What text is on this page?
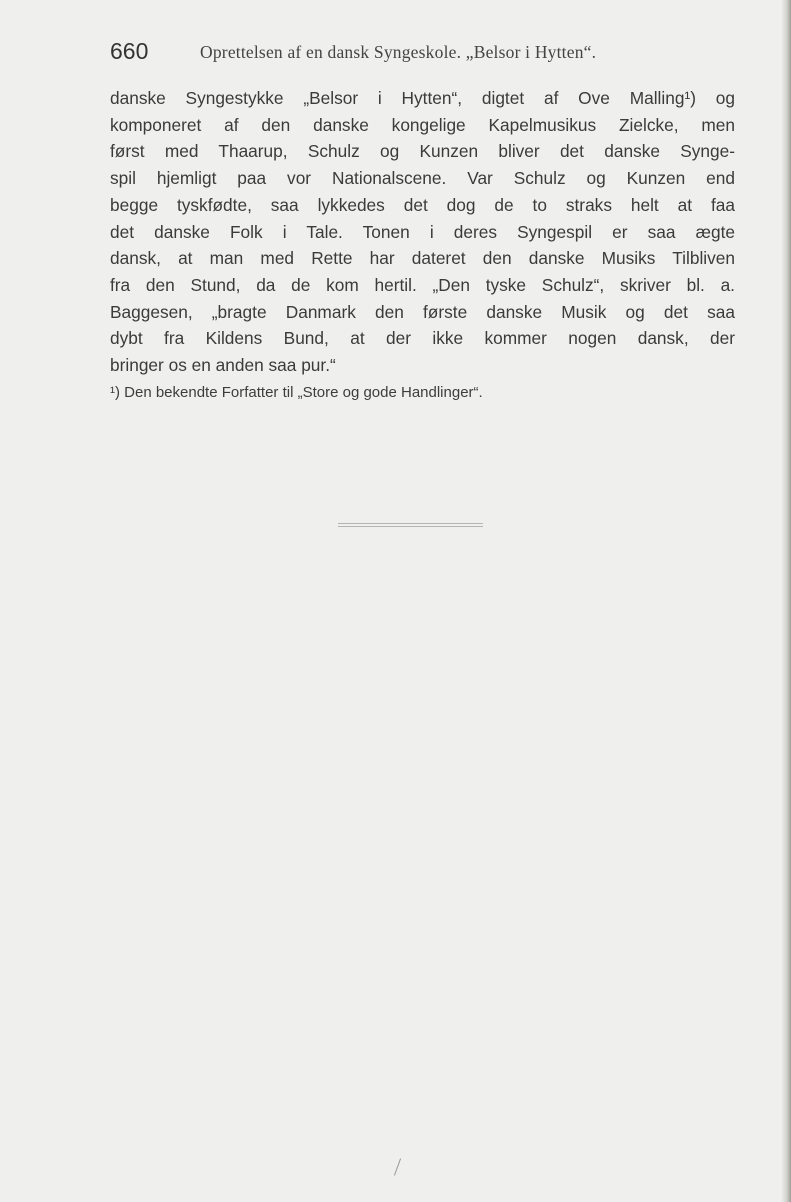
660	Oprettelsen af en dansk Syngeskole. „Belsor i Hytten“.
danske Syngestykke „Belsor i Hytten“, digtet af Ove Malling¹) og
komponeret af den danske kongelige Kapelmusikus Zielcke, men
først med Thaarup, Schulz og Kunzen bliver det danske Synge-
spil hjemligt paa vor Nationalscene. Var Schulz og Kunzen end
begge tyskfødte, saa lykkedes det dog de to straks helt at faa
det danske Folk i Tale. Tonen i deres Syngespil er saa ægte
dansk, at man med Rette har dateret den danske Musiks Tilbliven
fra den Stund, da de kom hertil. „Den tyske Schulz“, skriver bl. a.
Baggesen, „bragte Danmark den første danske Musik og det saa
dybt fra Kildens Bund, at der ikke kommer nogen dansk, der
bringer os en anden saa pur.“
¹) Den bekendte Forfatter til „Store og gode Handlinger“.
